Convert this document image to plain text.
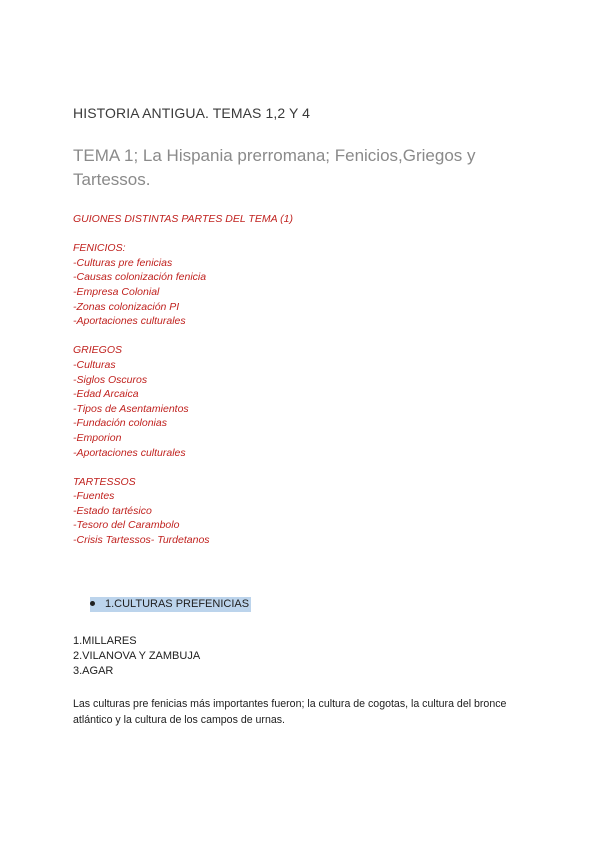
HISTORIA ANTIGUA. TEMAS 1,2 Y 4
TEMA 1; La Hispania prerromana; Fenicios,Griegos y Tartessos.
GUIONES DISTINTAS PARTES DEL TEMA (1)
FENICIOS:
-Culturas pre fenicias
-Causas colonización fenicia
-Empresa Colonial
-Zonas colonización PI
-Aportaciones culturales
GRIEGOS
-Culturas
-Siglos Oscuros
-Edad Arcaica
-Tipos de Asentamientos
-Fundación colonias
-Emporion
-Aportaciones culturales
TARTESSOS
-Fuentes
-Estado tartésico
-Tesoro del Carambolo
-Crisis Tartessos- Turdetanos
1.CULTURAS PREFENICIAS
1.MILLARES
2.VILANOVA Y ZAMBUJA
3.AGAR

Las culturas pre fenicias más importantes fueron; la cultura de cogotas, la cultura del bronce atlántico y la cultura de los campos de urnas.
